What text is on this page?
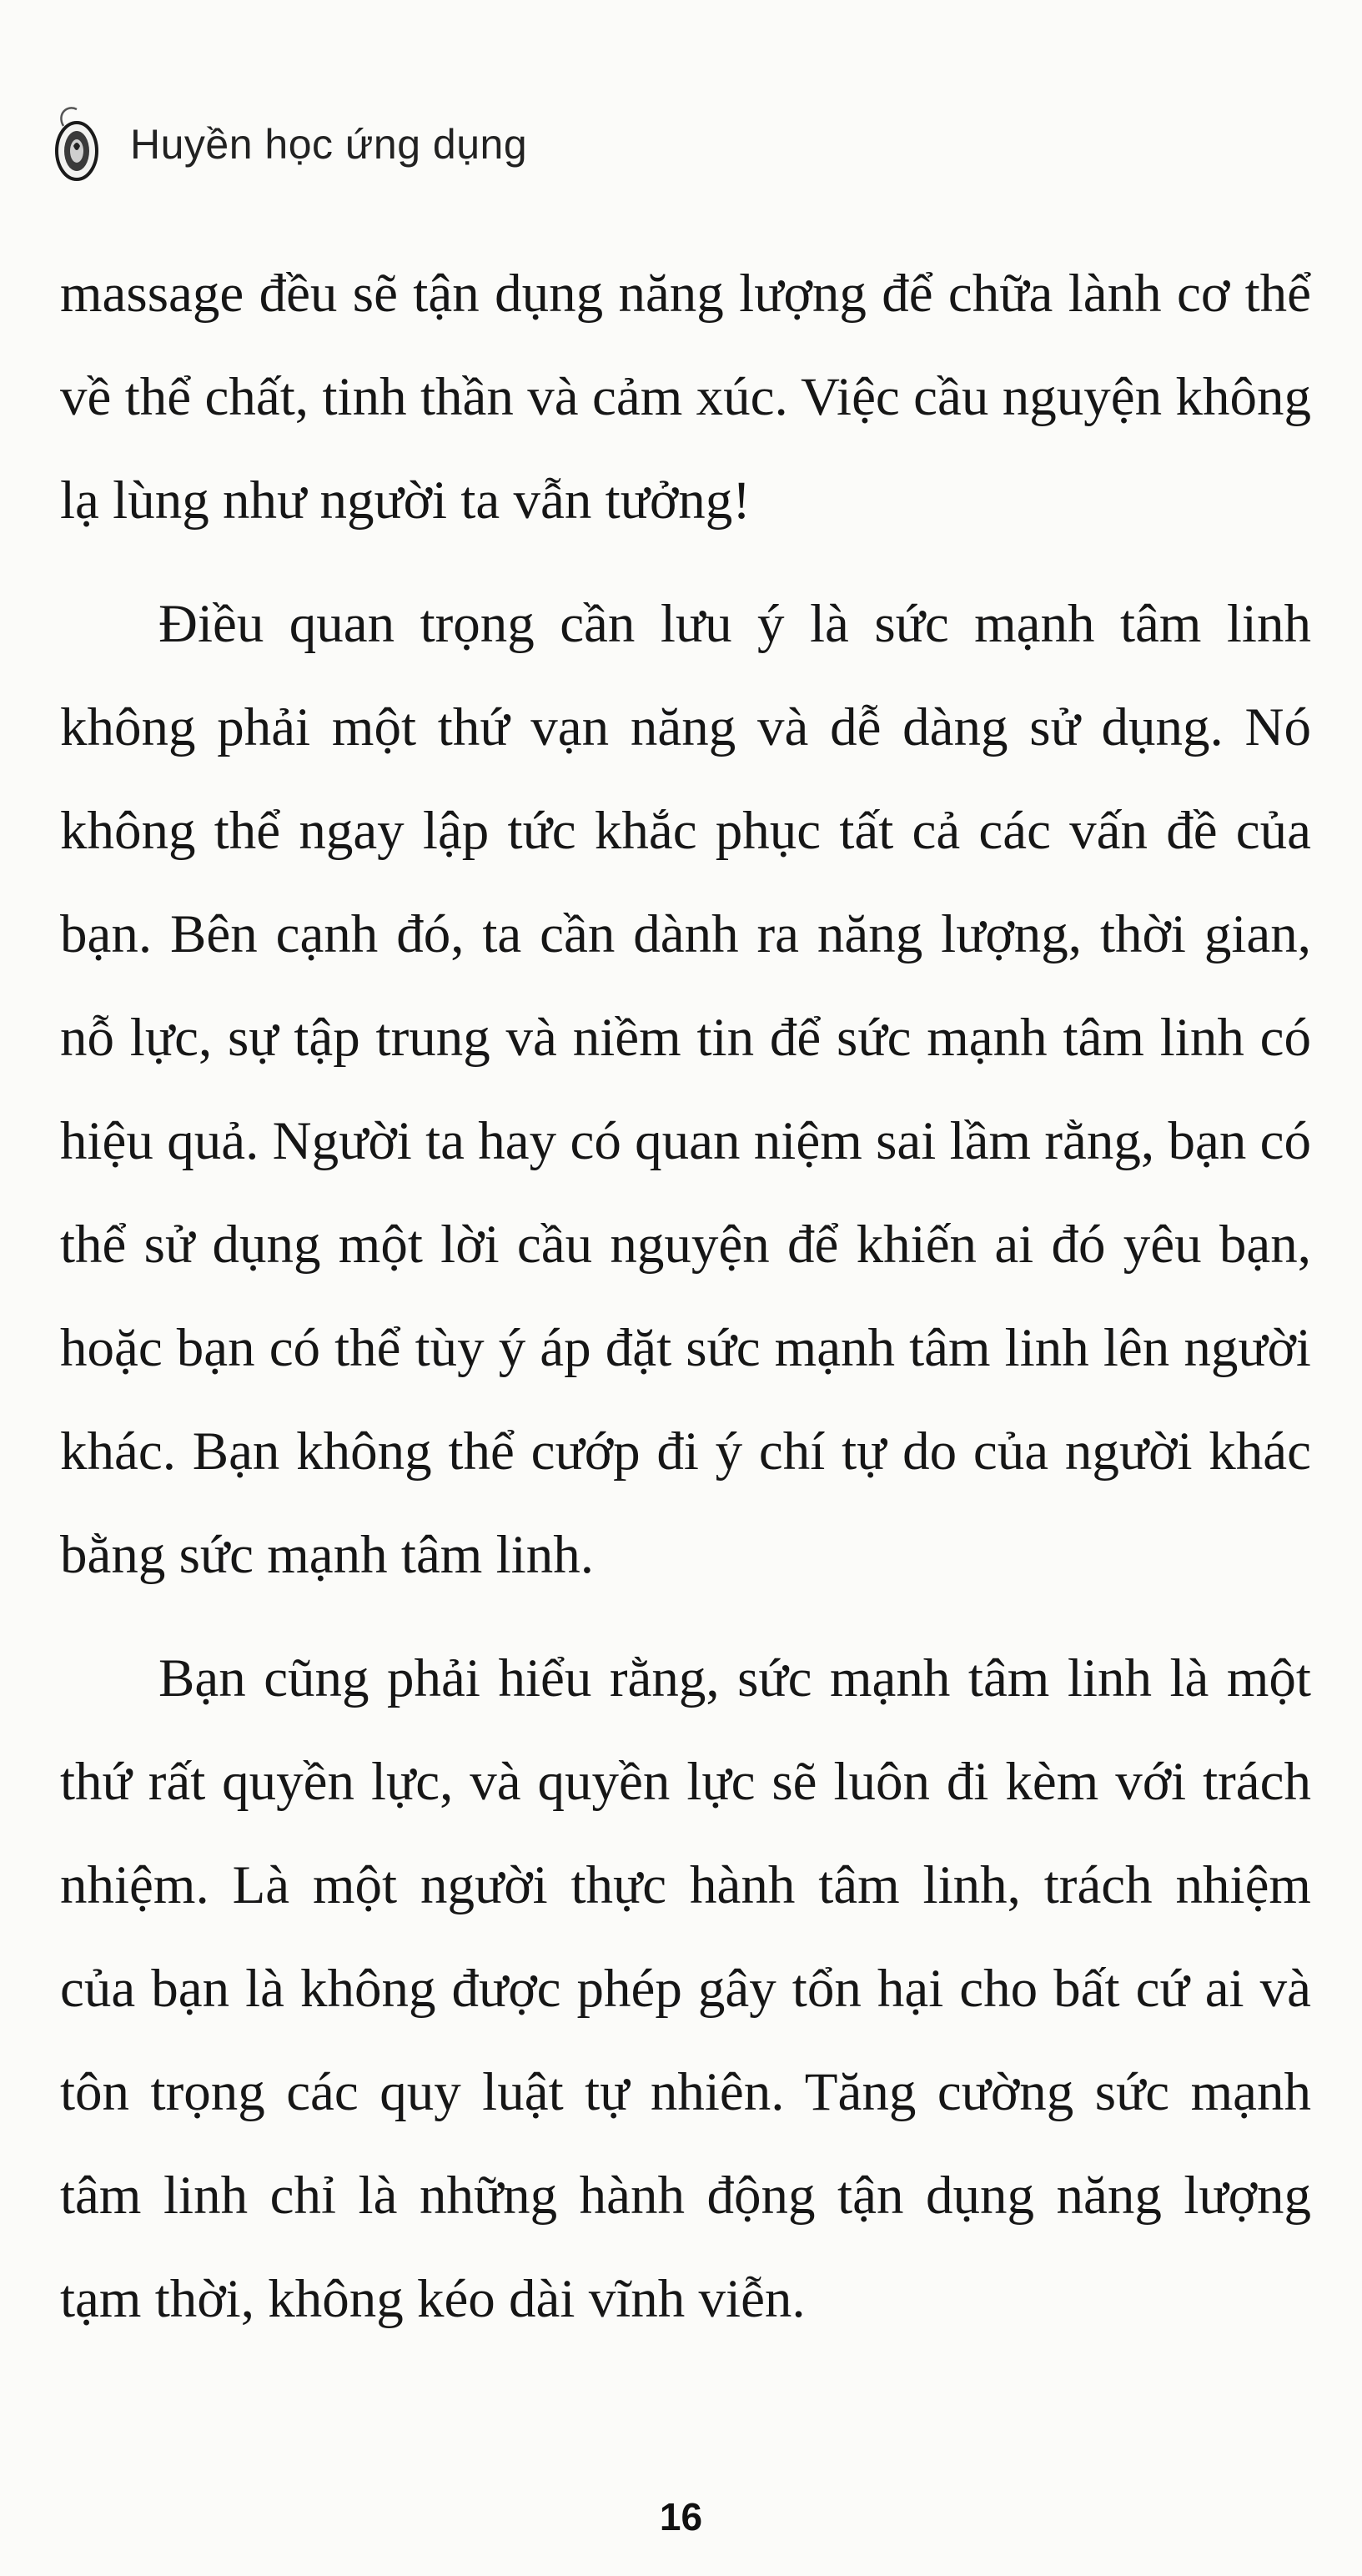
Huyền học ứng dụng

massage đều sẽ tận dụng năng lượng để chữa lành cơ thể về thể chất, tinh thần và cảm xúc. Việc cầu nguyện không lạ lùng như người ta vẫn tưởng!

Điều quan trọng cần lưu ý là sức mạnh tâm linh không phải một thứ vạn năng và dễ dàng sử dụng. Nó không thể ngay lập tức khắc phục tất cả các vấn đề của bạn. Bên cạnh đó, ta cần dành ra năng lượng, thời gian, nỗ lực, sự tập trung và niềm tin để sức mạnh tâm linh có hiệu quả. Người ta hay có quan niệm sai lầm rằng, bạn có thể sử dụng một lời cầu nguyện để khiến ai đó yêu bạn, hoặc bạn có thể tùy ý áp đặt sức mạnh tâm linh lên người khác. Bạn không thể cướp đi ý chí tự do của người khác bằng sức mạnh tâm linh.

Bạn cũng phải hiểu rằng, sức mạnh tâm linh là một thứ rất quyền lực, và quyền lực sẽ luôn đi kèm với trách nhiệm. Là một người thực hành tâm linh, trách nhiệm của bạn là không được phép gây tổn hại cho bất cứ ai và tôn trọng các quy luật tự nhiên. Tăng cường sức mạnh tâm linh chỉ là những hành động tận dụng năng lượng tạm thời, không kéo dài vĩnh viễn.

16
